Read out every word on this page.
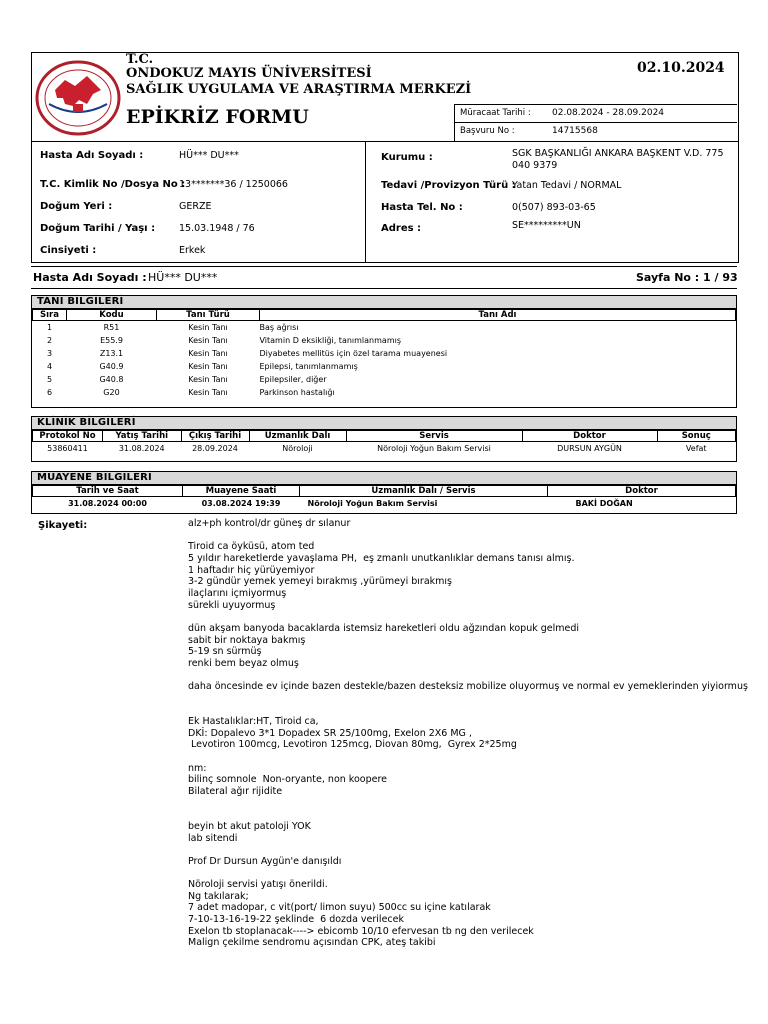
T.C.
ONDOKUZ MAYIS ÜNİVERSİTESİ
SAĞLIK UYGULAMA VE ARAŞTIRMA MERKEZİ
EPİKRİZ FORMU
02.10.2024
Müracaat Tarihi : 02.08.2024 - 28.09.2024
Başvuru No :	14715568
Hasta Adı Soyadı :	HÜ*** DU***
T.C. Kimlik No /Dosya No :
13*******36 / 1250066
Doğum Yeri :	GERZE
Doğum Tarihi / Yaşı :	15.03.1948 / 76
Cinsiyeti :	Erkek
Kurumu :	SGK BAŞKANLIĞI ANKARA BAŞKENT V.D. 775
040 9379
Tedavi /Provizyon Türü :
Yatan Tedavi / NORMAL
Hasta Tel. No :	0(507) 893-03-65
Adres :	SE*********UN
Hasta Adı Soyadı : HÜ*** DU***	Sayfa No : 1 / 93
TANI BİLGİLERİ
Sıra	Kodu	Tanı Türü	Tanı Adı
1	R51	Kesin Tanı	Baş ağrısı
2	E55.9	Kesin Tanı	Vitamin D eksikliği, tanımlanmamış
3	Z13.1	Kesin Tanı	Diyabetes mellitüs için özel tarama muayenesi
4	G40.9	Kesin Tanı	Epilepsi, tanımlanmamış
5	G40.8	Kesin Tanı	Epilepsiler, diğer
6	G20	Kesin Tanı	Parkinson hastalığı
KLİNİK BİLGİLERİ
Protokol No	Yatış Tarihi	Çıkış Tarihi	Uzmanlık Dalı	Servis	Doktor	Sonuç
53860411	31.08.2024	28.09.2024	Nöroloji	Nöroloji Yoğun Bakım Servisi	DURSUN AYGÜN	Vefat
MUAYENE BİLGİLERİ
Tarih ve Saat	Muayene Saati	Uzmanlık Dalı / Servis	Doktor
31.08.2024 00:00	03.08.2024 19:39	Nöroloji Yoğun Bakım Servisi	BAKİ DOĞAN
Şikayeti:	alz+ph kontrol/dr güneş dr sılanur
Tiroid ca öyküsü, atom ted
5 yıldır hareketlerde yavaşlama PH,  eş zmanlı unutkanlıklar demans tanısı almış.
1 haftadır hiç yürüyemiyor
3-2 gündür yemek yemeyi bırakmış ,yürümeyi bırakmış
ilaçlarını içmiyormuş
sürekli uyuyormuş
dün akşam banyoda bacaklarda istemsiz hareketleri oldu ağzından kopuk gelmedi
sabit bir noktaya bakmış
5-19 sn sürmüş
renki bem beyaz olmuş
daha öncesinde ev içinde bazen destekle/bazen desteksiz mobilize oluyormuş ve normal ev yemeklerinden yiyiormuş
Ek Hastalıklar:HT, Tiroid ca,
DKİ: Dopalevo 3*1 Dopadex SR 25/100mg, Exelon 2X6 MG ,
Levotiron 100mcg, Levotiron 125mcg, Diovan 80mg,  Gyrex 2*25mg
nm:
bilinç somnole  Non-oryante, non koopere
Bilateral ağır rijidite
beyin bt akut patoloji YOK
lab sitendi
Prof Dr Dursun Aygün'e danışıldı
Nöroloji servisi yatışı önerildi.
Ng takılarak;
7 adet madopar, c vit(port/ limon suyu) 500cc su içine katılarak
7-10-13-16-19-22 şeklinde  6 dozda verilecek
Exelon tb stoplanacak----> ebicomb 10/10 efervesan tb ng den verilecek
Malign çekilme sendromu açısından CPK, ateş takibi
